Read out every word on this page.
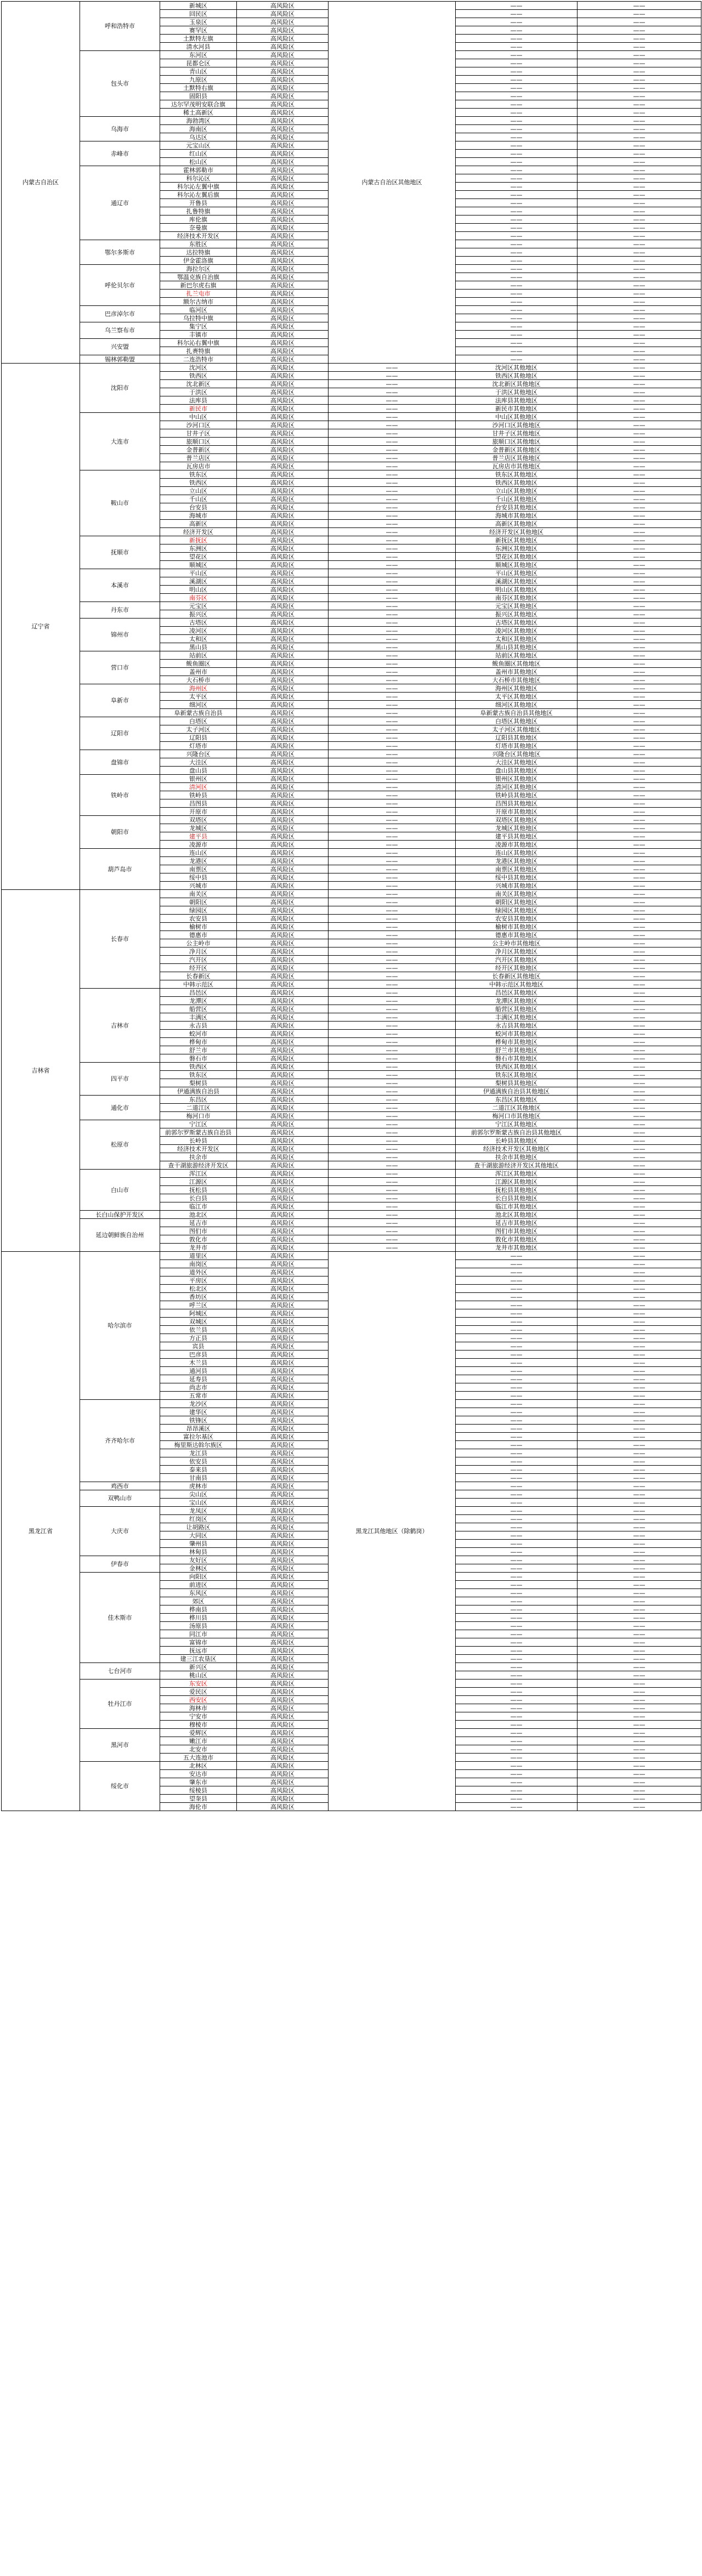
内蒙古自治区	呼和浩特市	新城区	高风险区	内蒙古自治区其他地区	——	——	
		回民区	高风险区		——	——	
		玉泉区	高风险区		——	——	
		赛罕区	高风险区		——	——	
		土默特左旗	高风险区		——	——	
		清水河县	高风险区		——	——	
	包头市	东河区	高风险区		——	——	
		昆都仑区	高风险区		——	——	
		青山区	高风险区		——	——	
		九原区	高风险区		——	——	
		土默特右旗	高风险区		——	——	
		固阳县	高风险区		——	——	
		达尔罕茂明安联合旗	高风险区		——	——	
		稀土高新区	高风险区		——	——	
	乌海市	海勃湾区	高风险区		——	——	
		海南区	高风险区		——	——	
		乌达区	高风险区		——	——	
	赤峰市	元宝山区	高风险区		——	——	
		红山区	高风险区		——	——	
		松山区	高风险区		——	——	
	通辽市	霍林郭勒市	高风险区		——	——	
		科尔沁区	高风险区		——	——	
		科尔沁左翼中旗	高风险区		——	——	
		科尔沁左翼后旗	高风险区		——	——	
		开鲁县	高风险区		——	——	
		扎鲁特旗	高风险区		——	——	
		库伦旗	高风险区		——	——	
		奈曼旗	高风险区		——	——	
		经济技术开发区	高风险区		——	——	
	鄂尔多斯市	东胜区	高风险区		——	——	
		达拉特旗	高风险区		——	——	
		伊金霍洛旗	高风险区		——	——	
	呼伦贝尔市	海拉尔区	高风险区		——	——	
		鄂温克族自治旗	高风险区		——	——	
		新巴尔虎右旗	高风险区		——	——	
		扎兰屯市	高风险区		——	——	
		额尔古纳市	高风险区		——	——	
	巴彦淖尔市	临河区	高风险区		——	——	
		乌拉特中旗	高风险区		——	——	
	乌兰察布市	集宁区	高风险区		——	——	
		丰镇市	高风险区		——	——	
	兴安盟	科尔沁右翼中旗	高风险区		——	——	
		扎赉特旗	高风险区		——	——	
	锡林郭勒盟	二连浩特市	高风险区		——	——	
辽宁省	沈阳市	沈河区	高风险区	——	沈河区其他地区	——	
		铁西区	高风险区	——	铁西区其他地区	——	
		沈北新区	高风险区	——	沈北新区其他地区	——	
		于洪区	高风险区	——	于洪区其他地区	——	
		法库县	高风险区	——	法库县其他地区	——	
		新民市	高风险区	——	新民市其他地区	——	
	大连市	中山区	高风险区	——	中山区其他地区	——	
		沙河口区	高风险区	——	沙河口区其他地区	——	
		甘井子区	高风险区	——	甘井子区其他地区	——	
		旅顺口区	高风险区	——	旅顺口区其他地区	——	
		金普新区	高风险区	——	金普新区其他地区	——	
		普兰店区	高风险区	——	普兰店区其他地区	——	
		瓦房店市	高风险区	——	瓦房店市其他地区	——	
	鞍山市	铁东区	高风险区	——	铁东区其他地区	——	
		铁西区	高风险区	——	铁西区其他地区	——	
		立山区	高风险区	——	立山区其他地区	——	
		千山区	高风险区	——	千山区其他地区	——	
		台安县	高风险区	——	台安县其他地区	——	
		海城市	高风险区	——	海城市其他地区	——	
		高新区	高风险区	——	高新区其他地区	——	
		经济开发区	高风险区	——	经济开发区其他地区	——	
	抚顺市	新抚区	高风险区	——	新抚区其他地区	——	
		东洲区	高风险区	——	东洲区其他地区	——	
		望花区	高风险区	——	望花区其他地区	——	
		顺城区	高风险区	——	顺城区其他地区	——	
	本溪市	平山区	高风险区	——	平山区其他地区	——	
		溪湖区	高风险区	——	溪湖区其他地区	——	
		明山区	高风险区	——	明山区其他地区	——	
		南芬区	高风险区	——	南芬区其他地区	——	
	丹东市	元宝区	高风险区	——	元宝区其他地区	——	
		振兴区	高风险区	——	振兴区其他地区	——	
	锦州市	古塔区	高风险区	——	古塔区其他地区	——	
		凌河区	高风险区	——	凌河区其他地区	——	
		太和区	高风险区	——	太和区其他地区	——	
		黑山县	高风险区	——	黑山县其他地区	——	
	营口市	站前区	高风险区	——	站前区其他地区	——	
		鲅鱼圈区	高风险区	——	鲅鱼圈区其他地区	——	
		盖州市	高风险区	——	盖州市其他地区	——	
		大石桥市	高风险区	——	大石桥市其他地区	——	
	阜新市	海州区	高风险区	——	海州区其他地区	——	
		太平区	高风险区	——	太平区其他地区	——	
		细河区	高风险区	——	细河区其他地区	——	
		阜新蒙古族自治县	高风险区	——	阜新蒙古族自治县其他地区	——	
	辽阳市	白塔区	高风险区	——	白塔区其他地区	——	
		太子河区	高风险区	——	太子河区其他地区	——	
		辽阳县	高风险区	——	辽阳县其他地区	——	
		灯塔市	高风险区	——	灯塔市其他地区	——	
	盘锦市	兴隆台区	高风险区	——	兴隆台区其他地区	——	
		大洼区	高风险区	——	大洼区其他地区	——	
		盘山县	高风险区	——	盘山县其他地区	——	
	铁岭市	银州区	高风险区	——	银州区其他地区	——	
		清河区	高风险区	——	清河区其他地区	——	
		铁岭县	高风险区	——	铁岭县其他地区	——	
		昌图县	高风险区	——	昌图县其他地区	——	
		开原市	高风险区	——	开原市其他地区	——	
	朝阳市	双塔区	高风险区	——	双塔区其他地区	——	
		龙城区	高风险区	——	龙城区其他地区	——	
		建平县	高风险区	——	建平县其他地区	——	
		凌源市	高风险区	——	凌源市其他地区	——	
	葫芦岛市	连山区	高风险区	——	连山区其他地区	——	
		龙港区	高风险区	——	龙港区其他地区	——	
		南票区	高风险区	——	南票区其他地区	——	
		绥中县	高风险区	——	绥中县其他地区	——	
		兴城市	高风险区	——	兴城市其他地区	——	
吉林省	长春市	南关区	高风险区	——	南关区其他地区	——	
		朝阳区	高风险区	——	朝阳区其他地区	——	
		绿园区	高风险区	——	绿园区其他地区	——	
		农安县	高风险区	——	农安县其他地区	——	
		榆树市	高风险区	——	榆树市其他地区	——	
		德惠市	高风险区	——	德惠市其他地区	——	
		公主岭市	高风险区	——	公主岭市其他地区	——	
		净月区	高风险区	——	净月区其他地区	——	
		汽开区	高风险区	——	汽开区其他地区	——	
		经开区	高风险区	——	经开区其他地区	——	
		长春新区	高风险区	——	长春新区其他地区	——	
		中韩示范区	高风险区	——	中韩示范区其他地区	——	
	吉林市	昌邑区	高风险区	——	昌邑区其他地区	——	
		龙潭区	高风险区	——	龙潭区其他地区	——	
		船营区	高风险区	——	船营区其他地区	——	
		丰满区	高风险区	——	丰满区其他地区	——	
		永吉县	高风险区	——	永吉县其他地区	——	
		蛟河市	高风险区	——	蛟河市其他地区	——	
		桦甸市	高风险区	——	桦甸市其他地区	——	
		舒兰市	高风险区	——	舒兰市其他地区	——	
		磐石市	高风险区	——	磐石市其他地区	——	
	四平市	铁西区	高风险区	——	铁西区其他地区	——	
		铁东区	高风险区	——	铁东区其他地区	——	
		梨树县	高风险区	——	梨树县其他地区	——	
		伊通满族自治县	高风险区	——	伊通满族自治县其他地区	——	
	通化市	东昌区	高风险区	——	东昌区其他地区	——	
		二道江区	高风险区	——	二道江区其他地区	——	
		梅河口市	高风险区	——	梅河口市其他地区	——	
	松原市	宁江区	高风险区	——	宁江区其他地区	——	
		前郭尔罗斯蒙古族自治县	高风险区	——	前郭尔罗斯蒙古族自治县其他地区	——	
		长岭县	高风险区	——	长岭县其他地区	——	
		经济技术开发区	高风险区	——	经济技术开发区其他地区	——	
		扶余市	高风险区	——	扶余市其他地区	——	
		查干湖旅游经济开发区	高风险区	——	查干湖旅游经济开发区其他地区	——	
	白山市	浑江区	高风险区	——	浑江区其他地区	——	
		江源区	高风险区	——	江源区其他地区	——	
		抚松县	高风险区	——	抚松县其他地区	——	
		长白县	高风险区	——	长白县其他地区	——	
		临江市	高风险区	——	临江市其他地区	——	
	长白山保护开发区	池北区	高风险区	——	池北区其他地区	——	
	延边朝鲜族自治州	延吉市	高风险区	——	延吉市其他地区	——	
		图们市	高风险区	——	图们市其他地区	——	
		敦化市	高风险区	——	敦化市其他地区	——	
		龙井市	高风险区	——	龙井市其他地区	——	
黑龙江省	哈尔滨市	道里区	高风险区	黑龙江其他地区（除鹤岗）	——	——	
		南岗区	高风险区		——	——	
		道外区	高风险区		——	——	
		平房区	高风险区		——	——	
		松北区	高风险区		——	——	
		香坊区	高风险区		——	——	
		呼兰区	高风险区		——	——	
		阿城区	高风险区		——	——	
		双城区	高风险区		——	——	
		依兰县	高风险区		——	——	
		方正县	高风险区		——	——	
		宾县	高风险区		——	——	
		巴彦县	高风险区		——	——	
		木兰县	高风险区		——	——	
		通河县	高风险区		——	——	
		延寿县	高风险区		——	——	
		尚志市	高风险区		——	——	
		五常市	高风险区		——	——	
	齐齐哈尔市	龙沙区	高风险区		——	——	
		建华区	高风险区		——	——	
		铁锋区	高风险区		——	——	
		昂昂溪区	高风险区		——	——	
		富拉尔基区	高风险区		——	——	
		梅里斯达斡尔族区	高风险区		——	——	
		龙江县	高风险区		——	——	
		依安县	高风险区		——	——	
		泰来县	高风险区		——	——	
		甘南县	高风险区		——	——	
	鸡西市	虎林市	高风险区		——	——	
	双鸭山市	尖山区	高风险区		——	——	
		宝山区	高风险区		——	——	
	大庆市	龙凤区	高风险区		——	——	
		红岗区	高风险区		——	——	
		让胡路区	高风险区		——	——	
		大同区	高风险区		——	——	
		肇州县	高风险区		——	——	
		林甸县	高风险区		——	——	
	伊春市	友好区	高风险区		——	——	
		金林区	高风险区		——	——	
	佳木斯市	向阳区	高风险区		——	——	
		前进区	高风险区		——	——	
		东风区	高风险区		——	——	
		郊区	高风险区		——	——	
		桦南县	高风险区		——	——	
		桦川县	高风险区		——	——	
		汤原县	高风险区		——	——	
		同江市	高风险区		——	——	
		富锦市	高风险区		——	——	
		抚远市	高风险区		——	——	
		建三江农垦区	高风险区		——	——	
	七台河市	新兴区	高风险区		——	——	
		桃山区	高风险区		——	——	
	牡丹江市	东安区	高风险区		——	——	
		爱民区	高风险区		——	——	
		西安区	高风险区		——	——	
		海林市	高风险区		——	——	
		宁安市	高风险区		——	——	
		穆棱市	高风险区		——	——	
	黑河市	爱辉区	高风险区		——	——	
		嫩江市	高风险区		——	——	
		北安市	高风险区		——	——	
		五大连池市	高风险区		——	——	
	绥化市	北林区	高风险区		——	——	
		安达市	高风险区		——	——	
		肇东市	高风险区		——	——	
		绥棱县	高风险区		——	——	
		望奎县	高风险区		——	——	
		海伦市	高风险区		——	——	
